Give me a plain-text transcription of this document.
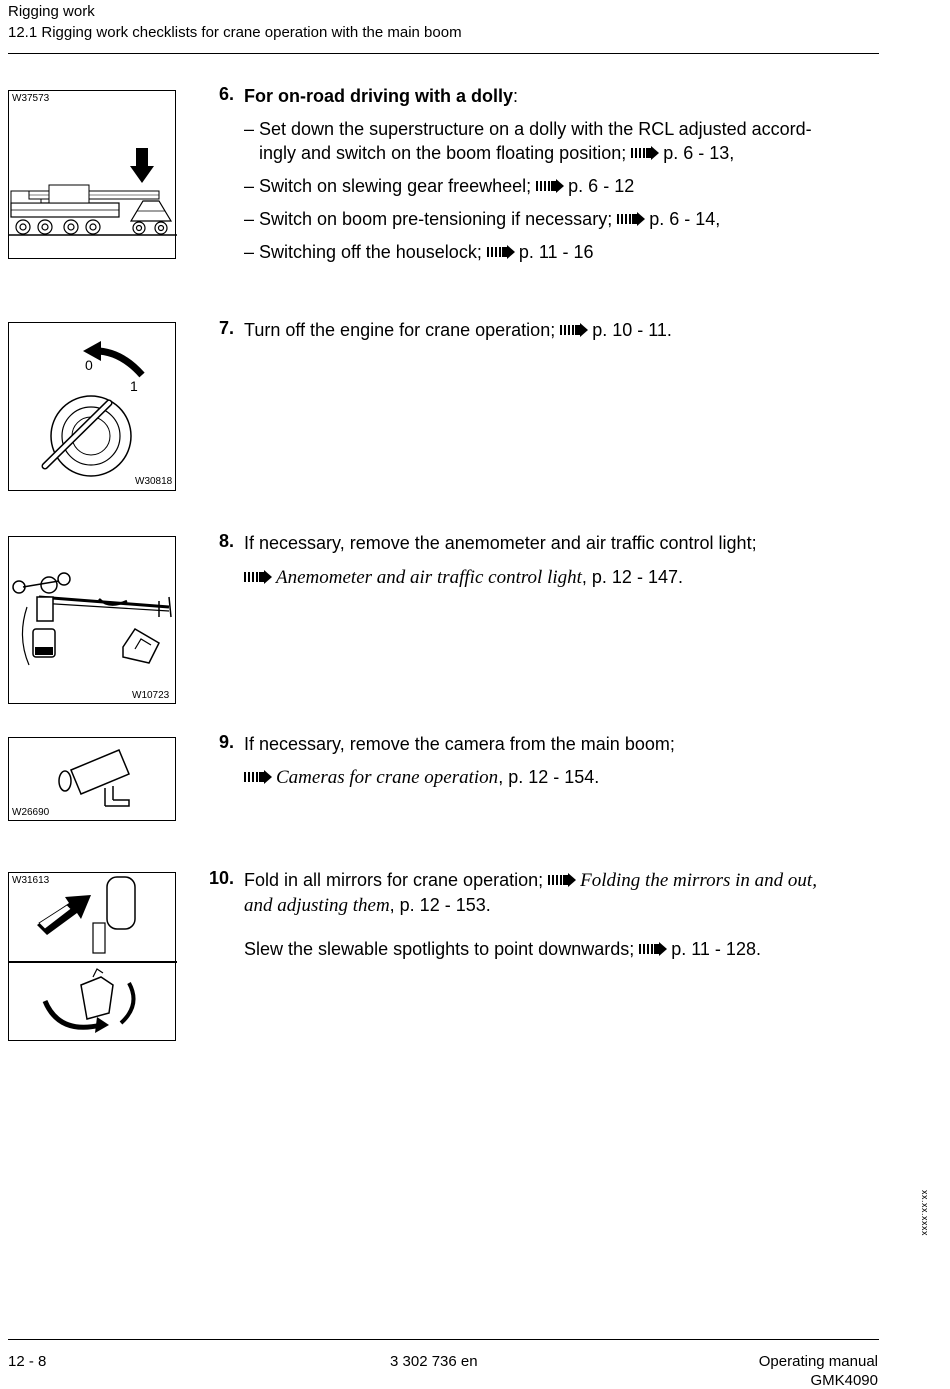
Rigging work
12.1 Rigging work checklists for crane operation with the main boom
W37573
0
1
W30818
W10723
W26690
W31613
6. For on-road driving with a dolly:
– Set down the superstructure on a dolly with the RCL adjusted accord-
ingly and switch on the boom floating position; p. 6 - 13,
– Switch on slewing gear freewheel; p. 6 - 12
– Switch on boom pre-tensioning if necessary; p. 6 - 14,
– Switching off the houselock; p. 11 - 16
7. Turn off the engine for crane operation; p. 10 - 11.
8. If necessary, remove the anemometer and air traffic control light;
Anemometer and air traffic control light, p. 12 - 147.
9. If necessary, remove the camera from the main boom;
Cameras for crane operation, p. 12 - 154.
10. Fold in all mirrors for crane operation; Folding the mirrors in and out,
and adjusting them, p. 12 - 153.
Slew the slewable spotlights to point downwards; p. 11 - 128.
xx.xx.xxxx
12 - 8	3 302 736 en	Operating manual
GMK4090
